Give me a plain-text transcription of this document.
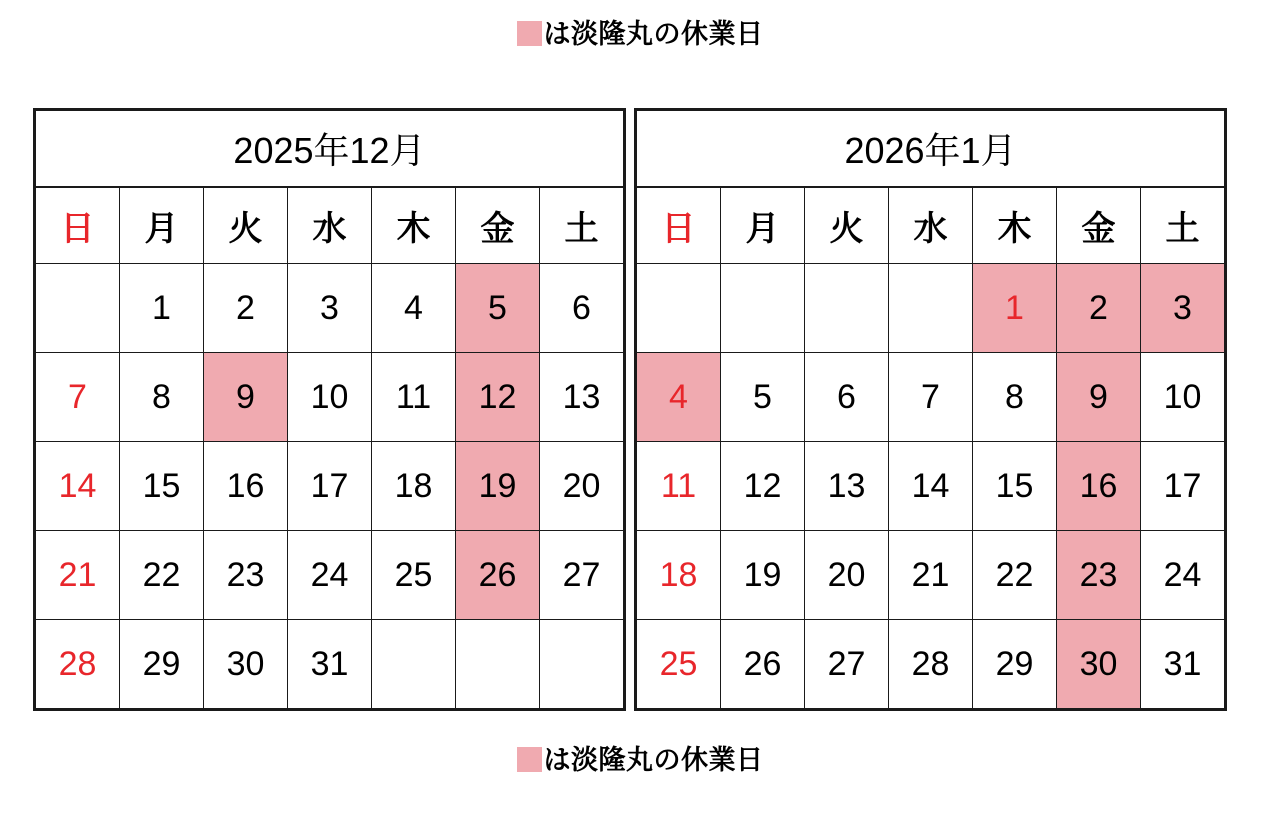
は淡隆丸の休業日
2025年12月						
日	月	火	水	木	金	土
	1	2	3	4	5	6
7	8	9	10	11	12	13
14	15	16	17	18	19	20
21	22	23	24	25	26	27
28	29	30	31			
2026年1月						
日	月	火	水	木	金	土
				1	2	3
4	5	6	7	8	9	10
11	12	13	14	15	16	17
18	19	20	21	22	23	24
25	26	27	28	29	30	31
は淡隆丸の休業日
